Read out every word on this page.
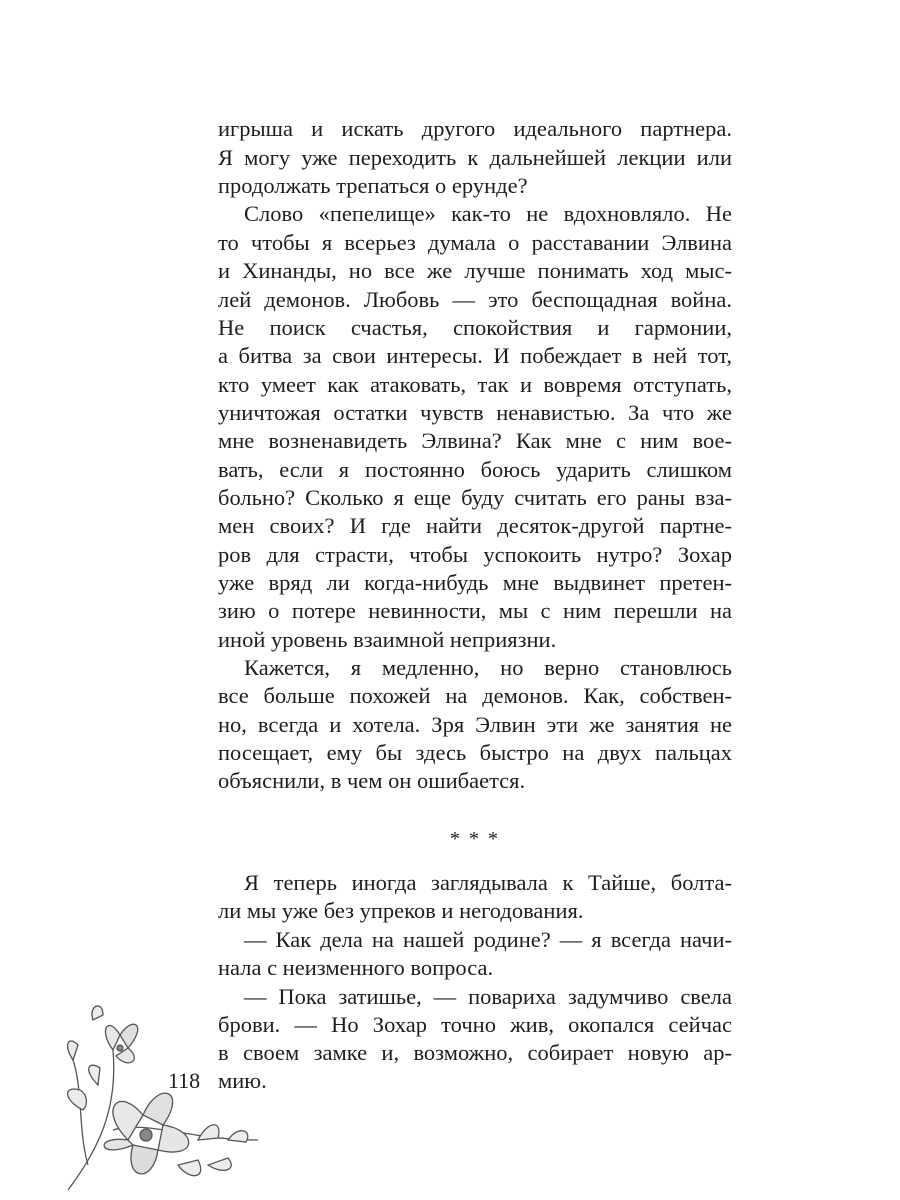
игрыша и искать другого идеального партнера.

Я могу уже переходить к дальнейшей лекции или

продолжать трепаться о ерунде?

Слово «пепелище» как-то не вдохновляло. Не

то чтобы я всерьез думала о расставании Элвина

и Хинанды, но все же лучше понимать ход мыс-

лей демонов. Любовь — это беспощадная война.

Не поиск счастья, спокойствия и гармонии,

а битва за свои интересы. И побеждает в ней тот,

кто умеет как атаковать, так и вовремя отступать,

уничтожая остатки чувств ненавистью. За что же

мне возненавидеть Элвина? Как мне с ним вое-

вать, если я постоянно боюсь ударить слишком

больно? Сколько я еще буду считать его раны вза-

мен своих? И где найти десяток-другой партне-

ров для страсти, чтобы успокоить нутро? Зохар

уже вряд ли когда-нибудь мне выдвинет претен-

зию о потере невинности, мы с ним перешли на

иной уровень взаимной неприязни.

Кажется, я медленно, но верно становлюсь

все больше похожей на демонов. Как, собствен-

но, всегда и хотела. Зря Элвин эти же занятия не

посещает, ему бы здесь быстро на двух пальцах

объяснили, в чем он ошибается.

* * *

Я теперь иногда заглядывала к Тайше, болта-

ли мы уже без упреков и негодования.

— Как дела на нашей родине? — я всегда начи-

нала с неизменного вопроса.

— Пока затишье, — повариха задумчиво свела

брови. — Но Зохар точно жив, окопался сейчас

в своем замке и, возможно, собирает новую ар-

мию.

118
